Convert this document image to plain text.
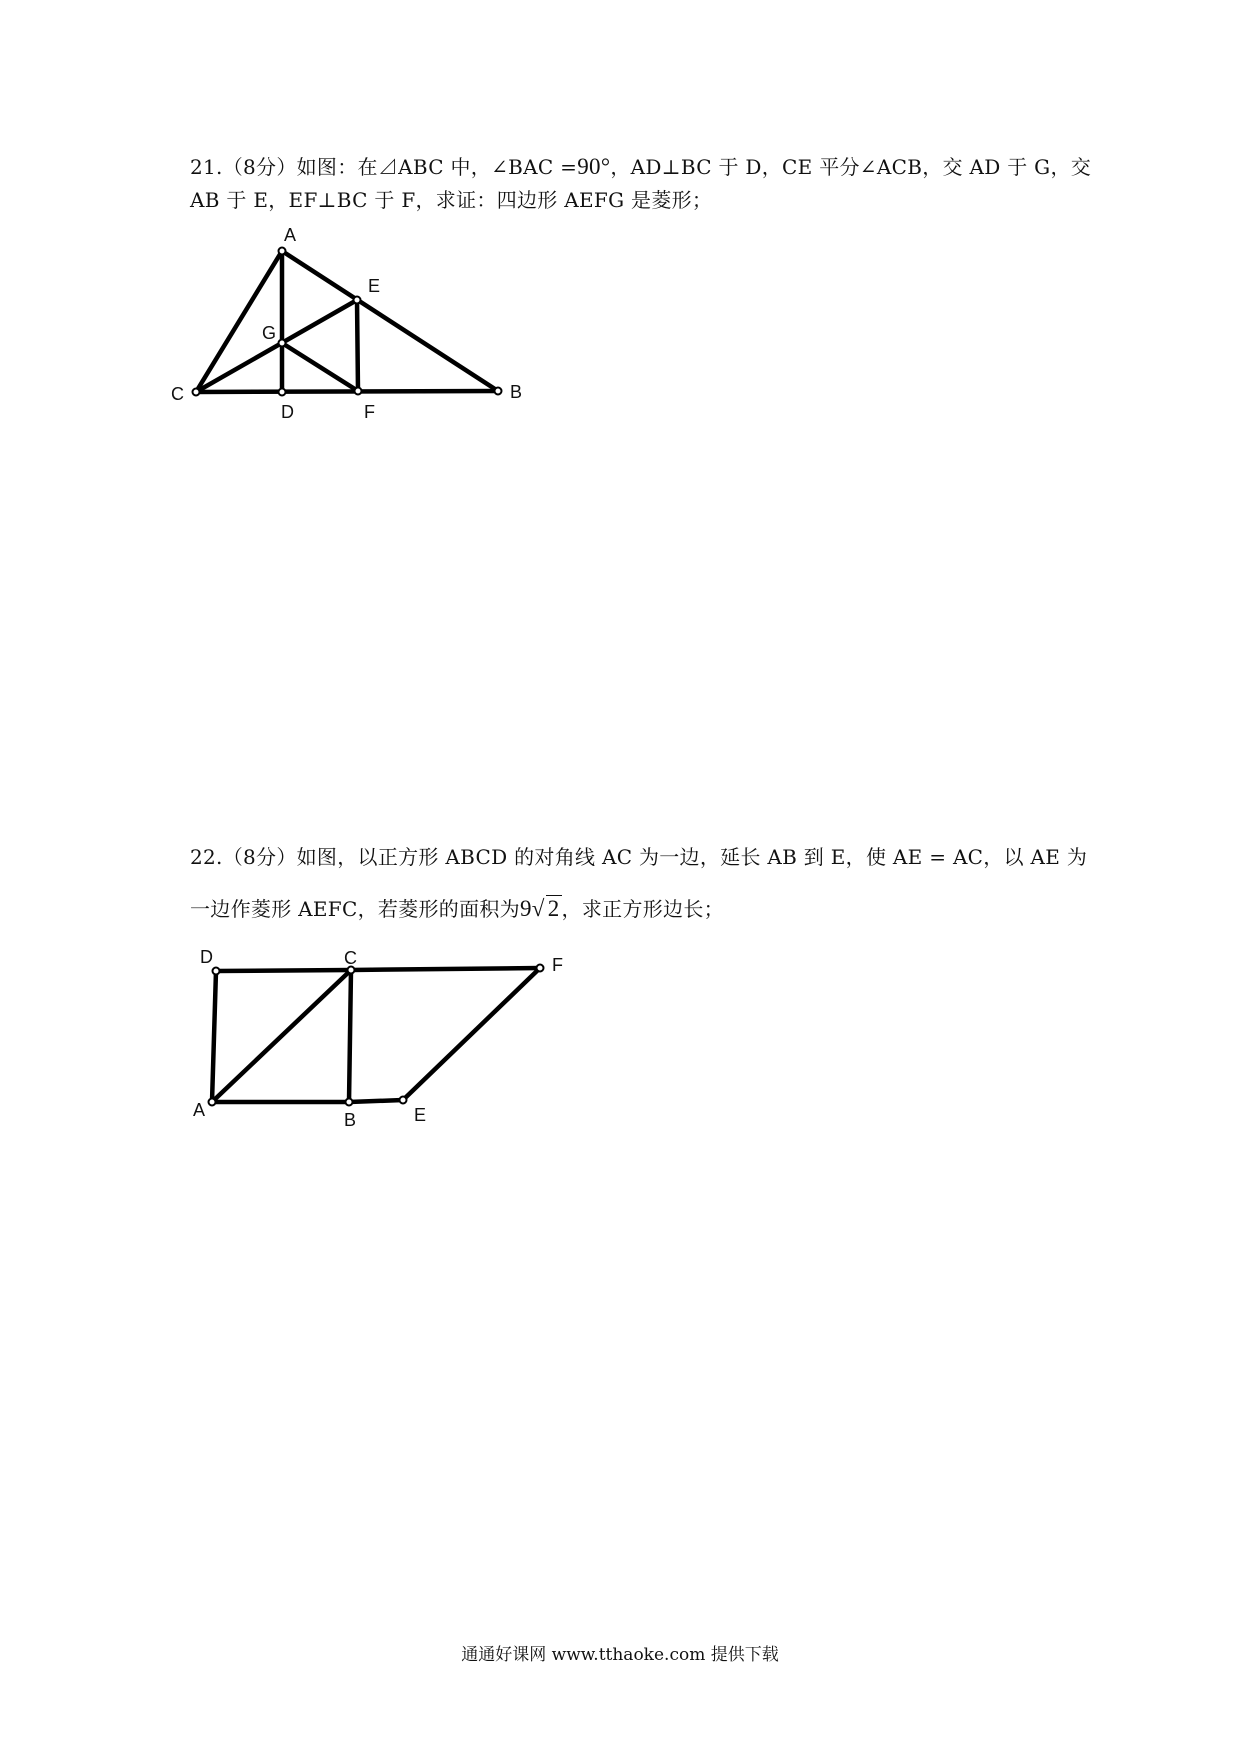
21.（8分）如图：在⊿ABC 中，∠BAC =90°，AD⊥BC 于 D，CE 平分∠ACB，交 AD 于 G，交
AB 于 E，EF⊥BC 于 F，求证：四边形 AEFG 是菱形；
A
E
G
C
D	F
B
22.（8分）如图，以正方形 ABCD 的对角线 AC 为一边，延长 AB 到 E，使 AE = AC，以 AE 为
一边作菱形 AEFC，若菱形的面积为9√ 2 ，求正方形边长；
D	C	F
A	B	E
通通好课网 www.tthaoke.com 提供下载
